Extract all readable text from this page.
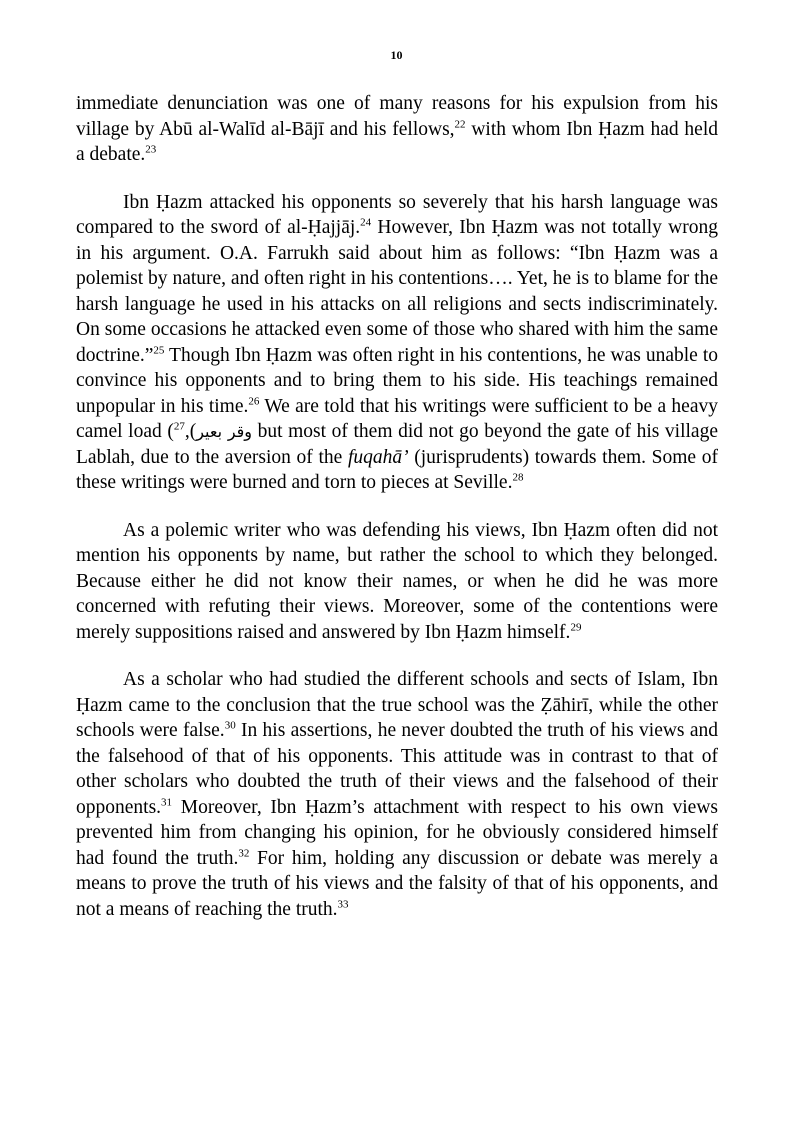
10

immediate denunciation was one of many reasons for his expulsion from his village by Abū al-Walīd al-Bājī and his fellows,$^{22}$ with whom Ibn Ḥazm had held a debate.$^{23}$

Ibn Ḥazm attacked his opponents so severely that his harsh language was compared to the sword of al-Ḥajjāj.$^{24}$ However, Ibn Ḥazm was not totally wrong in his argument. O.A. Farrukh said about him as follows: “Ibn Ḥazm was a polemist by nature, and often right in his contentions…. Yet, he is to blame for the harsh language he used in his attacks on all religions and sects indiscriminately. On some occasions he attacked even some of those who shared with him the same doctrine.”$^{25}$ Though Ibn Ḥazm was often right in his contentions, he was unable to convince his opponents and to bring them to his side. His teachings remained unpopular in his time.$^{26}$ We are told that his writings were sufficient to be a heavy camel load ( وقر بعير),$^{27}$	but most of them did not go beyond the gate of his village Lablah, due to the aversion of the fuqahā’ (jurisprudents) towards them. Some of these writings were burned and torn to pieces at Seville.$^{28}$

As a polemic writer who was defending his views, Ibn Ḥazm often did not mention his opponents by name, but rather the school to which they belonged. Because either he did not know their names, or when he did he was more concerned with refuting their views. Moreover, some of the contentions were merely suppositions raised and answered by Ibn Ḥazm himself.$^{29}$

As a scholar who had studied the different schools and sects of Islam, Ibn Ḥazm came to the conclusion that the true school was the Ẓāhirī, while the other schools were false.$^{30}$ In his assertions, he never doubted the truth of his views and the falsehood of that of his opponents. This attitude was in contrast to that of other scholars who doubted the truth of their views and the falsehood of their opponents.$^{31}$ Moreover, Ibn Ḥazm’s attachment with respect to his own views prevented him from changing his opinion, for he obviously considered himself had found the truth.$^{32}$ For him, holding any discussion or debate was merely a means to prove the truth of his views and the falsity of that of his opponents, and not a means of reaching the truth.$^{33}$
